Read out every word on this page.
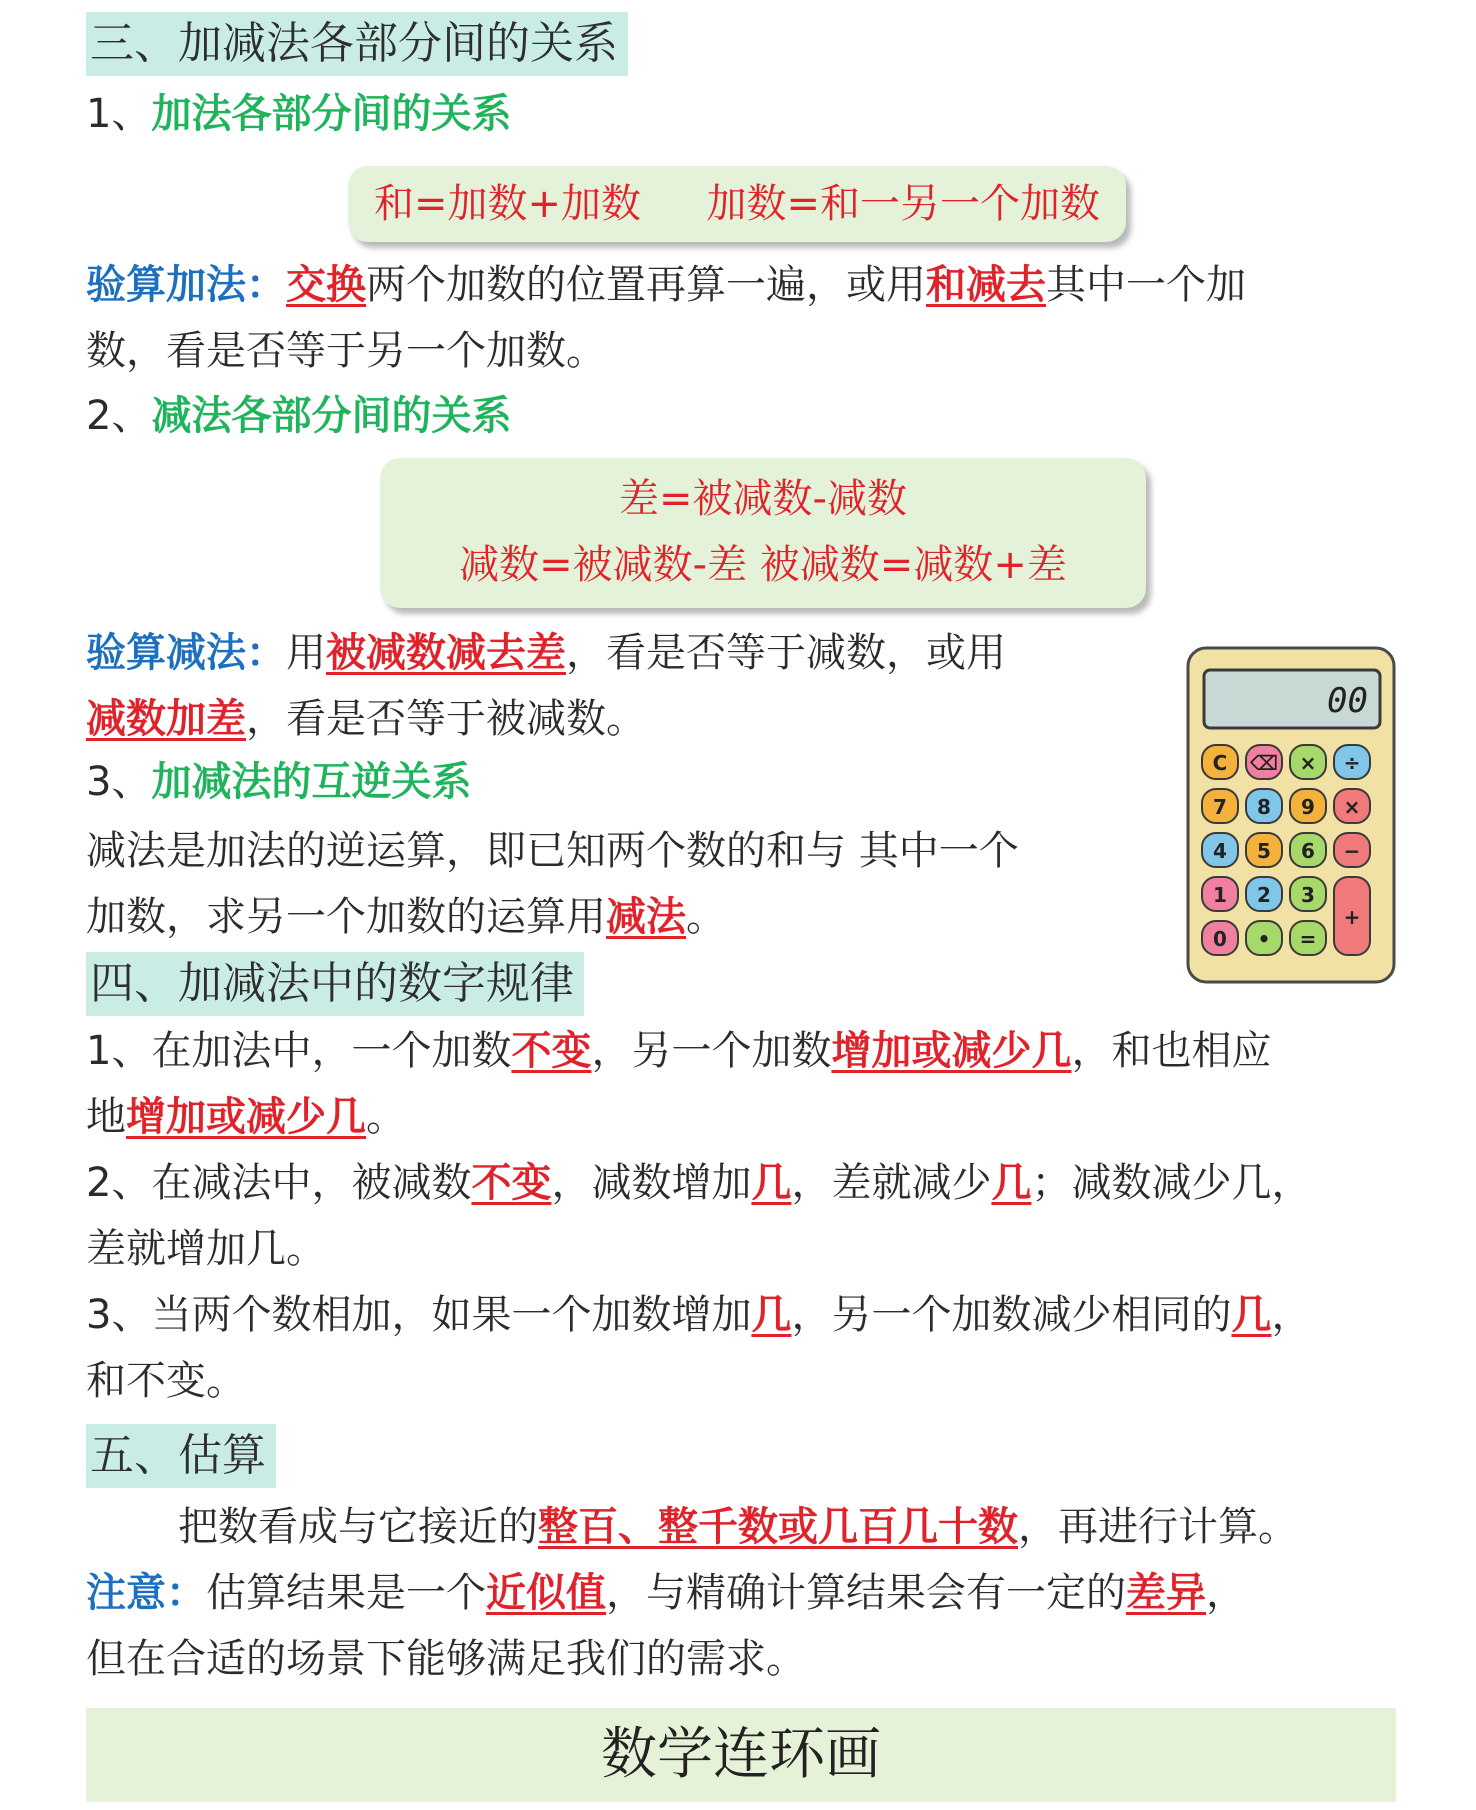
三、加减法各部分间的关系
1、加法各部分间的关系
和=加数+加数 加数=和一另一个加数
验算加法：交换两个加数的位置再算一遍，或用和减去其中一个加
数，看是否等于另一个加数。
2、减法各部分间的关系
差=被减数-减数
减数=被减数-差 被减数=减数+差
验算减法：用被减数减去差，看是否等于减数，或用
减数加差，看是否等于被减数。
3、加减法的互逆关系
减法是加法的逆运算，即已知两个数的和与 其中一个
加数，求另一个加数的运算用减法。
00
C ⌫ × ÷
7 8 9 ×
4 5 6 −
1 2 3
+
0 • =
四、加减法中的数字规律
1、在加法中，一个加数不变，另一个加数增加或减少几，和也相应
地增加或减少几。
2、在减法中，被减数不变，减数增加几，差就减少几；减数减少几，
差就增加几。
3、当两个数相加，如果一个加数增加几，另一个加数减少相同的几，
和不变。
五、估算
把数看成与它接近的整百、整千数或几百几十数，再进行计算。
注意：估算结果是一个近似值，与精确计算结果会有一定的差异，
但在合适的场景下能够满足我们的需求。
数学连环画
